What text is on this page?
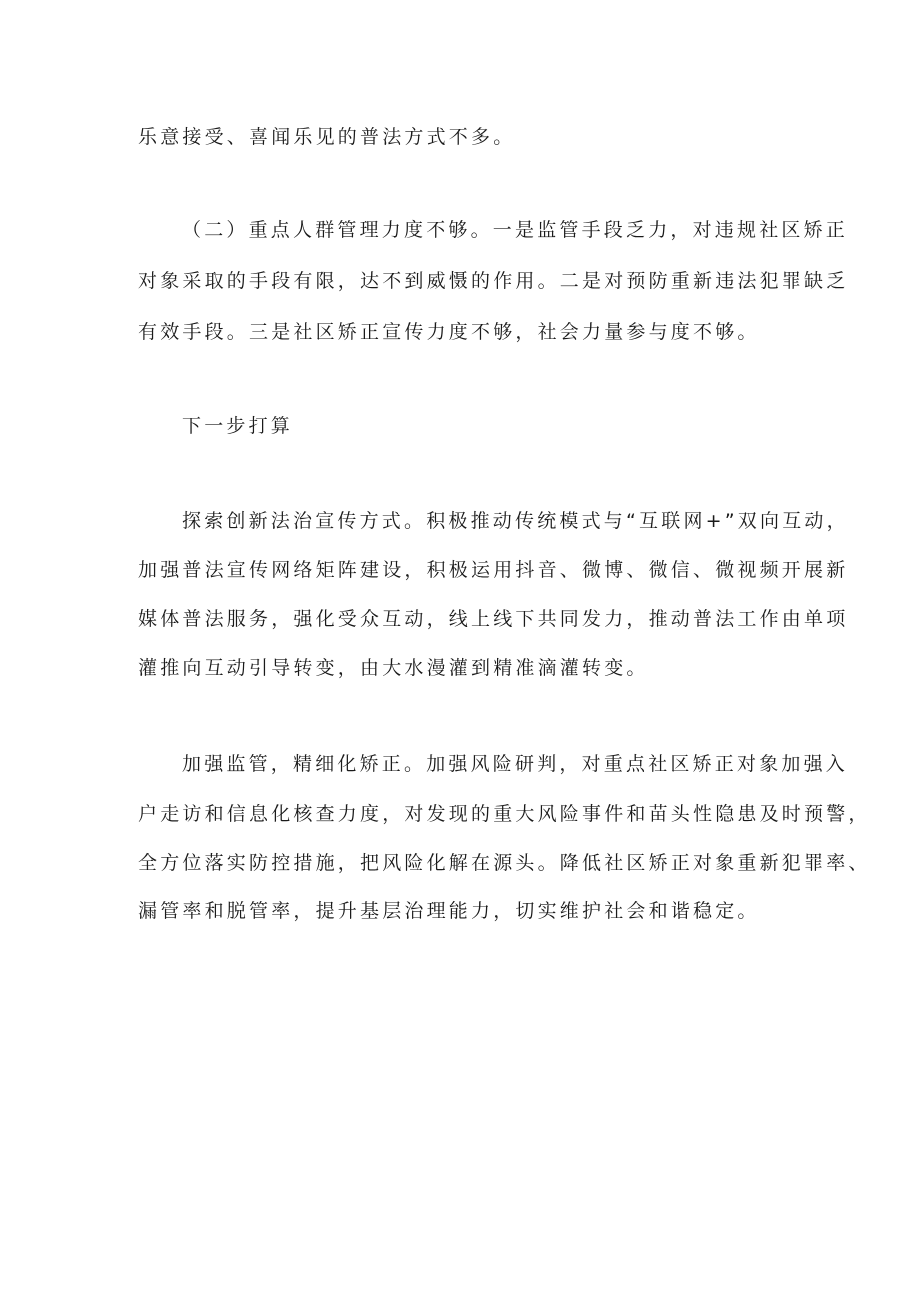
乐意接受、喜闻乐见的普法方式不多。
（二）重点人群管理力度不够。一是监管手段乏力，对违规社区矫正
对象采取的手段有限，达不到威慑的作用。二是对预防重新违法犯罪缺乏
有效手段。三是社区矫正宣传力度不够，社会力量参与度不够。
下一步打算
探索创新法治宣传方式。积极推动传统模式与“互联网+”双向互动，
加强普法宣传网络矩阵建设，积极运用抖音、微博、微信、微视频开展新
媒体普法服务，强化受众互动，线上线下共同发力，推动普法工作由单项
灌推向互动引导转变，由大水漫灌到精准滴灌转变。
加强监管，精细化矫正。加强风险研判，对重点社区矫正对象加强入
户走访和信息化核查力度，对发现的重大风险事件和苗头性隐患及时预警，
全方位落实防控措施，把风险化解在源头。降低社区矫正对象重新犯罪率、
漏管率和脱管率，提升基层治理能力，切实维护社会和谐稳定。
